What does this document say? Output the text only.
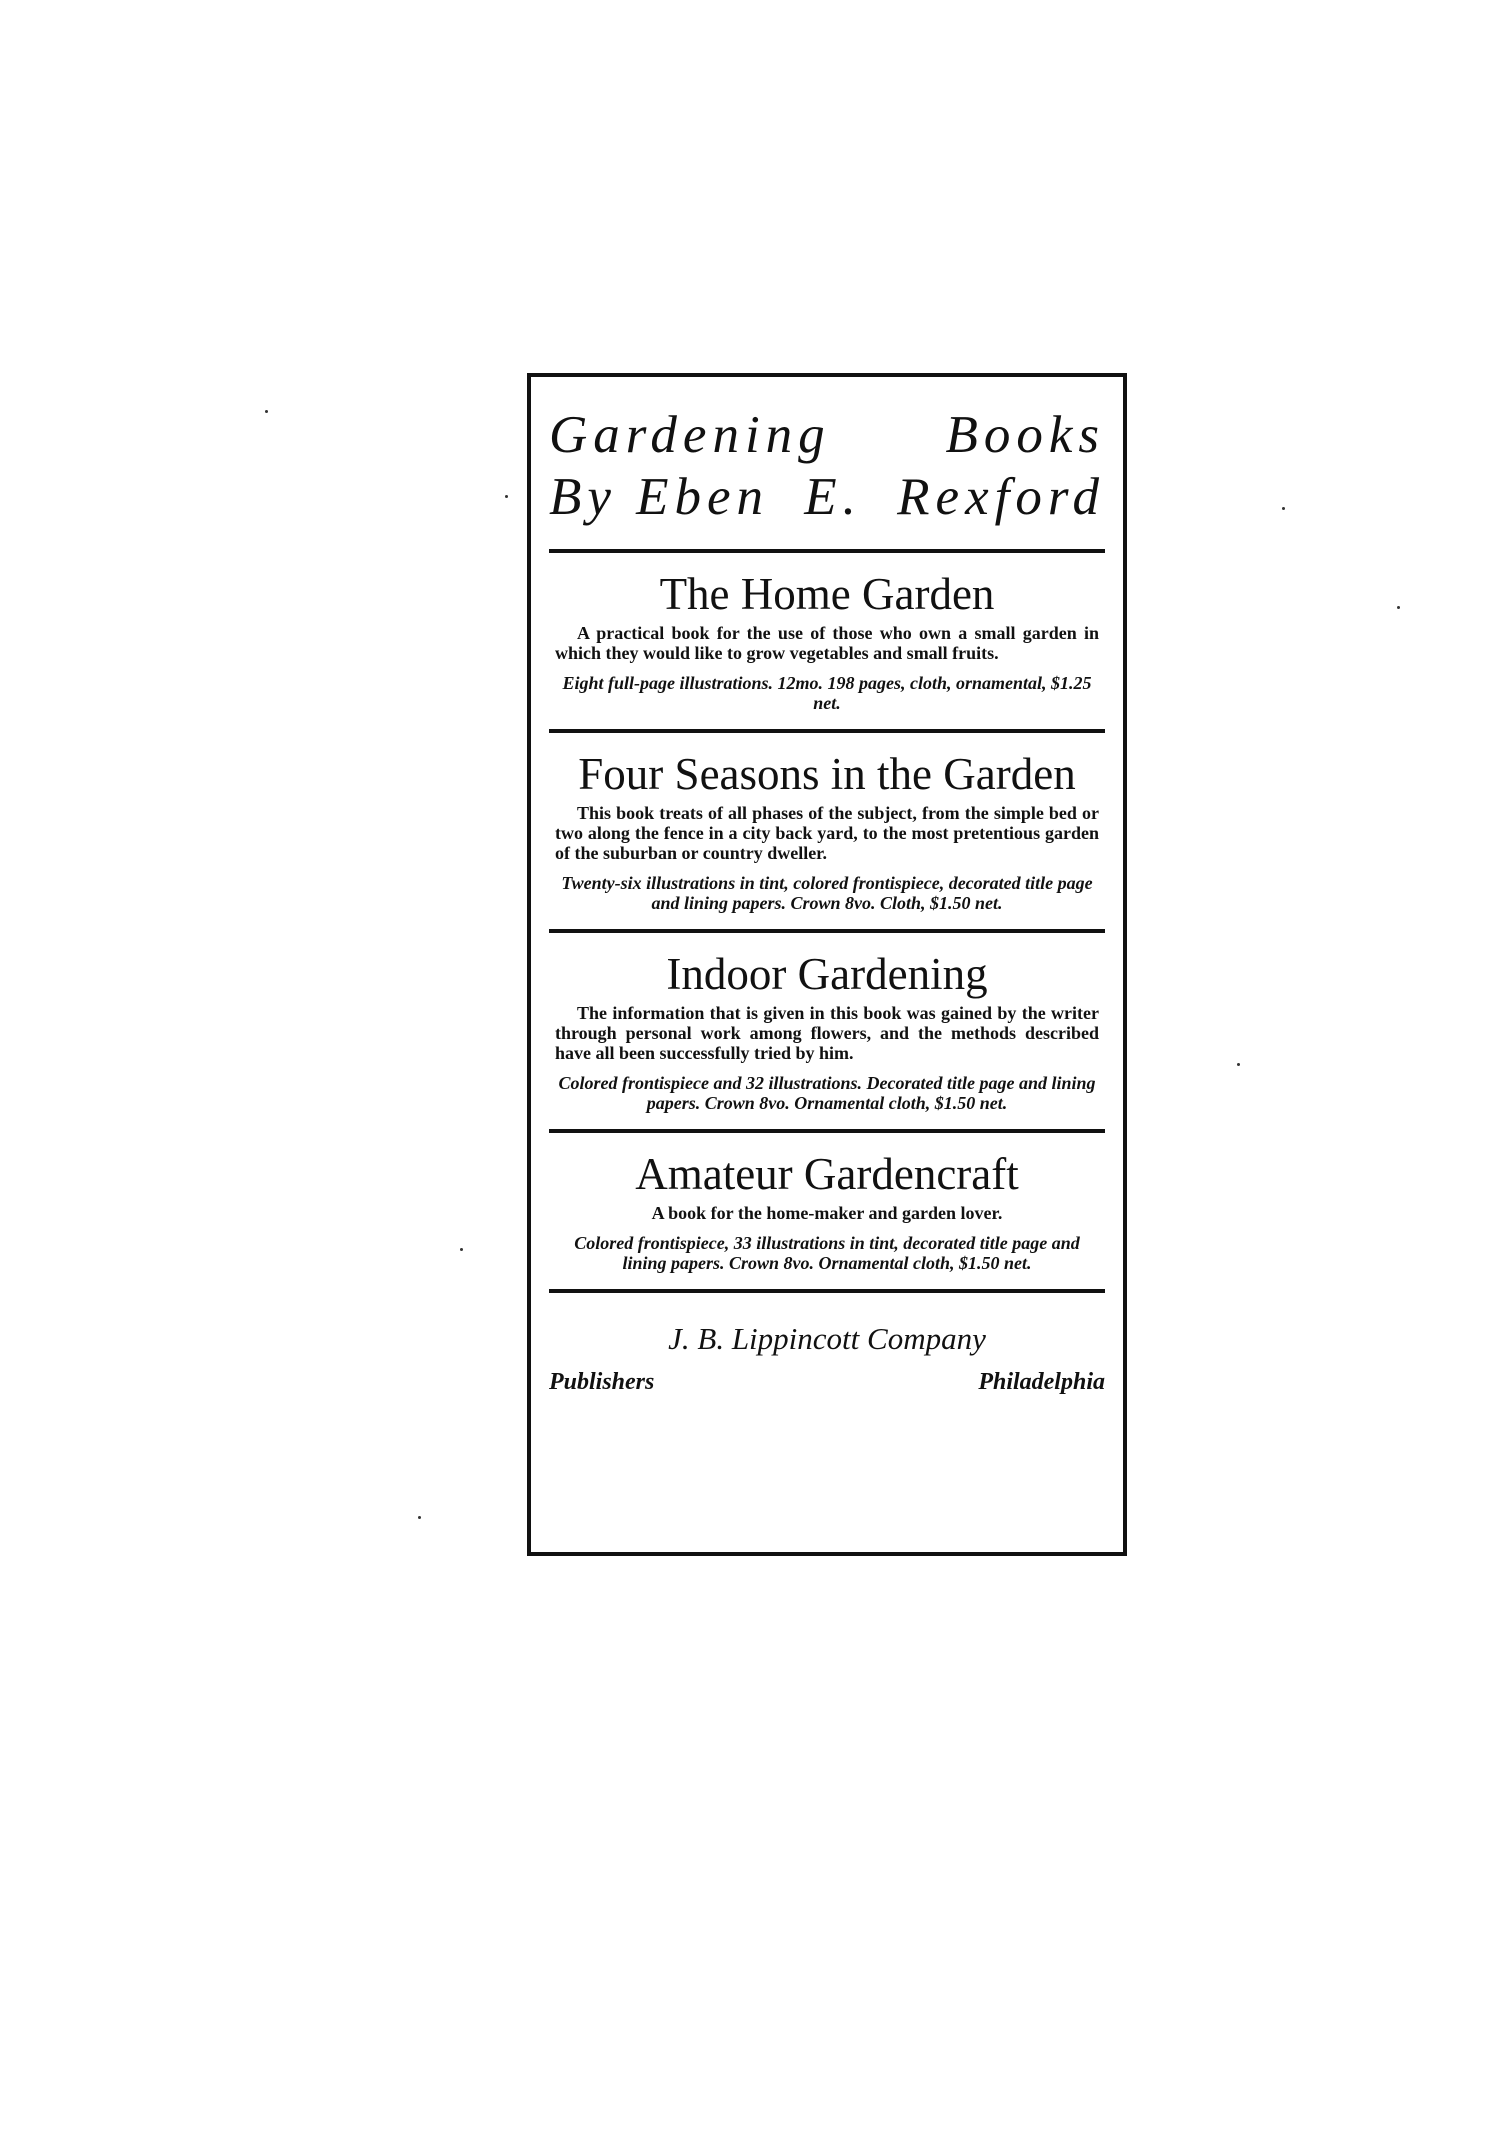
Gardening Books
By Eben E. Rexford
The Home Garden

A practical book for the use of those who own a small garden in which they would like to grow vegetables and small fruits.

Eight full-page illustrations. 12mo. 198 pages, cloth, ornamental, $1.25 net.

Four Seasons in the Garden

This book treats of all phases of the subject, from the simple bed or two along the fence in a city back yard, to the most pretentious garden of the suburban or country dweller.

Twenty-six illustrations in tint, colored frontispiece, decorated title page and lining papers. Crown 8vo. Cloth, $1.50 net.

Indoor Gardening

The information that is given in this book was gained by the writer through personal work among flowers, and the methods described have all been successfully tried by him.

Colored frontispiece and 32 illustrations. Decorated title page and lining papers. Crown 8vo. Ornamental cloth, $1.50 net.

Amateur Gardencraft

A book for the home-maker and garden lover.

Colored frontispiece, 33 illustrations in tint, decorated title page and lining papers. Crown 8vo. Ornamental cloth, $1.50 net.

J. B. Lippincott Company
Publishers	Philadelphia
